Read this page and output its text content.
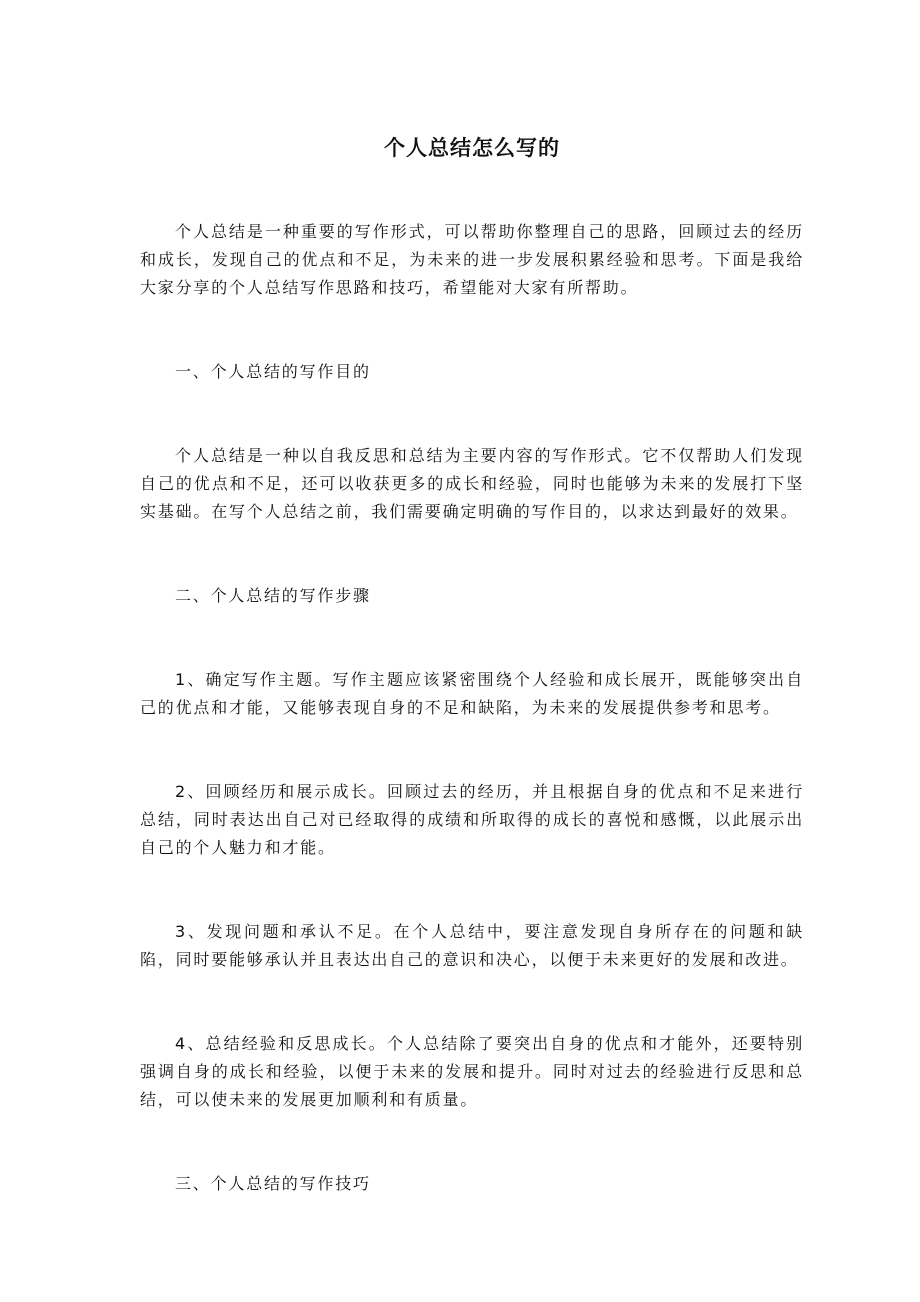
个人总结怎么写的

个人总结是一种重要的写作形式，可以帮助你整理自己的思路，回顾过去的经历和成长，发现自己的优点和不足，为未来的进一步发展积累经验和思考。下面是我给大家分享的个人总结写作思路和技巧，希望能对大家有所帮助。

一、个人总结的写作目的

个人总结是一种以自我反思和总结为主要内容的写作形式。它不仅帮助人们发现自己的优点和不足，还可以收获更多的成长和经验，同时也能够为未来的发展打下坚实基础。在写个人总结之前，我们需要确定明确的写作目的，以求达到最好的效果。

二、个人总结的写作步骤

1、确定写作主题。写作主题应该紧密围绕个人经验和成长展开，既能够突出自己的优点和才能，又能够表现自身的不足和缺陷，为未来的发展提供参考和思考。

2、回顾经历和展示成长。回顾过去的经历，并且根据自身的优点和不足来进行总结，同时表达出自己对已经取得的成绩和所取得的成长的喜悦和感慨，以此展示出自己的个人魅力和才能。

3、发现问题和承认不足。在个人总结中，要注意发现自身所存在的问题和缺陷，同时要能够承认并且表达出自己的意识和决心，以便于未来更好的发展和改进。

4、总结经验和反思成长。个人总结除了要突出自身的优点和才能外，还要特别强调自身的成长和经验，以便于未来的发展和提升。同时对过去的经验进行反思和总结，可以使未来的发展更加顺利和有质量。

三、个人总结的写作技巧
